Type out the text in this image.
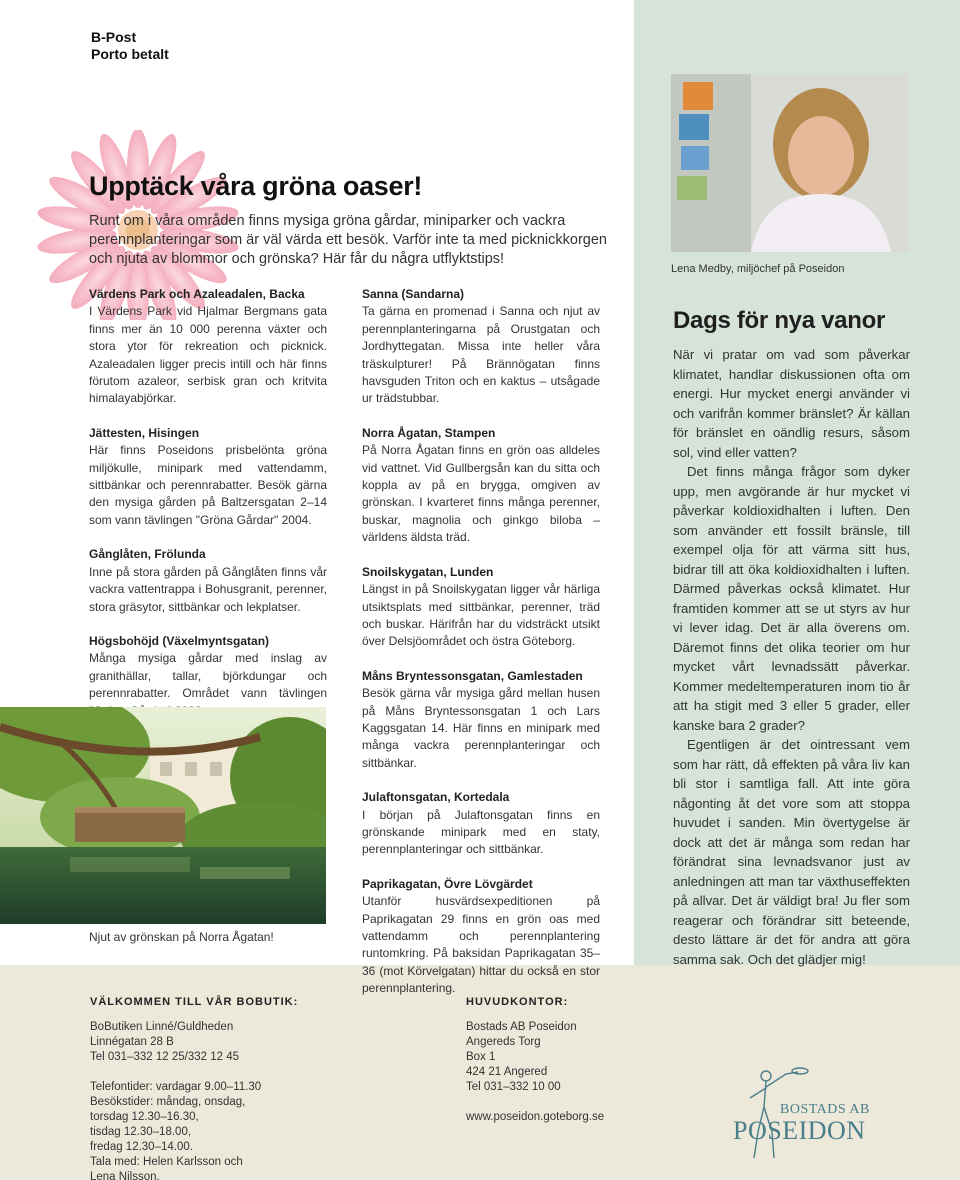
B-Post
Porto betalt
Upptäck våra gröna oaser!

Runt om i våra områden finns mysiga gröna gårdar, miniparker och vackra perennplanteringar som är väl värda ett besök. Varför inte ta med picknickkorgen och njuta av blommor och grönska? Här får du några utflyktstips!

Värdens Park och Azaleadalen, Backa

I Värdens Park vid Hjalmar Bergmans gata finns mer än 10 000 perenna växter och stora ytor för rekreation och picknick. Azaleadalen ligger precis intill och här finns förutom azaleor, serbisk gran och kritvita himalayabjörkar.

Jättesten, Hisingen

Här finns Poseidons prisbelönta gröna miljökulle, minipark med vattendamm, sittbänkar och perennrabatter. Besök gärna den mysiga gården på Baltzersgatan 2–14 som vann tävlingen "Gröna Gårdar" 2004.

Gånglåten, Frölunda

Inne på stora gården på Gånglåten finns vår vackra vattentrappa i Bohusgranit, perenner, stora gräsytor, sittbänkar och lekplatser.

Högsbohöjd (Växelmyntsgatan)

Många mysiga gårdar med inslag av granithällar, tallar, björkdungar och perennrabatter. Området vann tävlingen

Sanna (Sandarna)

Ta gärna en promenad i Sanna och njut av perennplanteringarna på Orustgatan och Jordhyttegatan. Missa inte heller våra träskulpturer! På Brännögatan finns havsguden Triton och en kaktus – utsågade ur trädstubbar.

Norra Ågatan, Stampen

På Norra Ågatan finns en grön oas alldeles vid vattnet. Vid Gullbergsån kan du sitta och koppla av på en brygga, omgiven av grönskan. I kvarteret finns många perenner, buskar, magnolia och ginkgo biloba – världens äldsta träd.

Snoilskygatan, Lunden

Längst in på Snoilskygatan ligger vår härliga utsiktsplats med sittbänkar, perenner, träd och buskar. Härifrån har du vidsträckt utsikt över Delsjöområdet och östra Göteborg.

Måns Bryntessonsgatan, Gamlestaden

Besök gärna vår mysiga gård mellan husen på Måns Bryntessonsgatan 1 och Lars Kaggsgatan 14. Här finns en minipark med många vackra perennplanteringar och sittbänkar.

Julaftonsgatan, Kortedala

I början på Julaftonsgatan finns en grönskande minipark med en staty, perennplanteringar och sittbänkar.

Paprikagatan, Övre Lövgärdet

Utanför husvärdsexpeditionen på Paprikagatan 29 finns en grön oas med vattendamm och perennplantering runtomkring. På baksidan Paprikagatan 35–36 (mot Körvelgatan) hittar du också en stor perennplantering.

Njut av grönskan på Norra Ågatan!

Lena Medby, miljöchef på Poseidon

Dags för nya vanor

När vi pratar om vad som påverkar klimatet, handlar diskussionen ofta om energi. Hur mycket energi använder vi och varifrån kommer bränslet? Är källan för bränslet en oändlig resurs, såsom sol, vind eller vatten?

Det finns många frågor som dyker upp, men avgörande är hur mycket vi påverkar koldioxidhalten i luften. Den som använder ett fossilt bränsle, till exempel olja för att värma sitt hus, bidrar till att öka koldioxidhalten i luften. Därmed påverkas också klimatet. Hur framtiden kommer att se ut styrs av hur vi lever idag. Det är alla överens om. Däremot finns det olika teorier om hur mycket vårt levnadssätt påverkar. Kommer medeltemperaturen inom tio år att ha stigit med 3 eller 5 grader, eller kanske bara 2 grader?

Egentligen är det ointressant vem som har rätt, då effekten på våra liv kan bli stor i samtliga fall. Att inte göra någonting åt det vore som att stoppa huvudet i sanden. Min övertygelse är dock att det är många som redan har förändrat sina levnadsvanor just av anledningen att man tar växthuseffekten på allvar. Det är väldigt bra! Ju fler som reagerar och förändrar sitt beteende, desto lättare är det för andra att göra samma sak. Och det glädjer mig!

VÄLKOMMEN TILL VÅR BOBUTIK:
BoButiken Linné/Guldheden
Linnégatan 28 B
Tel 031–332 12 25/332 12 45
Telefontider: vardagar 9.00–11.30
Besökstider: måndag, onsdag,
torsdag 12.30–16.30,
tisdag 12.30–18.00,
fredag 12.30–14.00.
Tala med: Helen Karlsson och
Lena Nilsson.
HUVUDKONTOR:
Bostads AB Poseidon
Angereds Torg
Box 1
424 21 Angered
Tel 031–332 10 00
www.poseidon.goteborg.se	BOSTADS AB
POSEIDON
